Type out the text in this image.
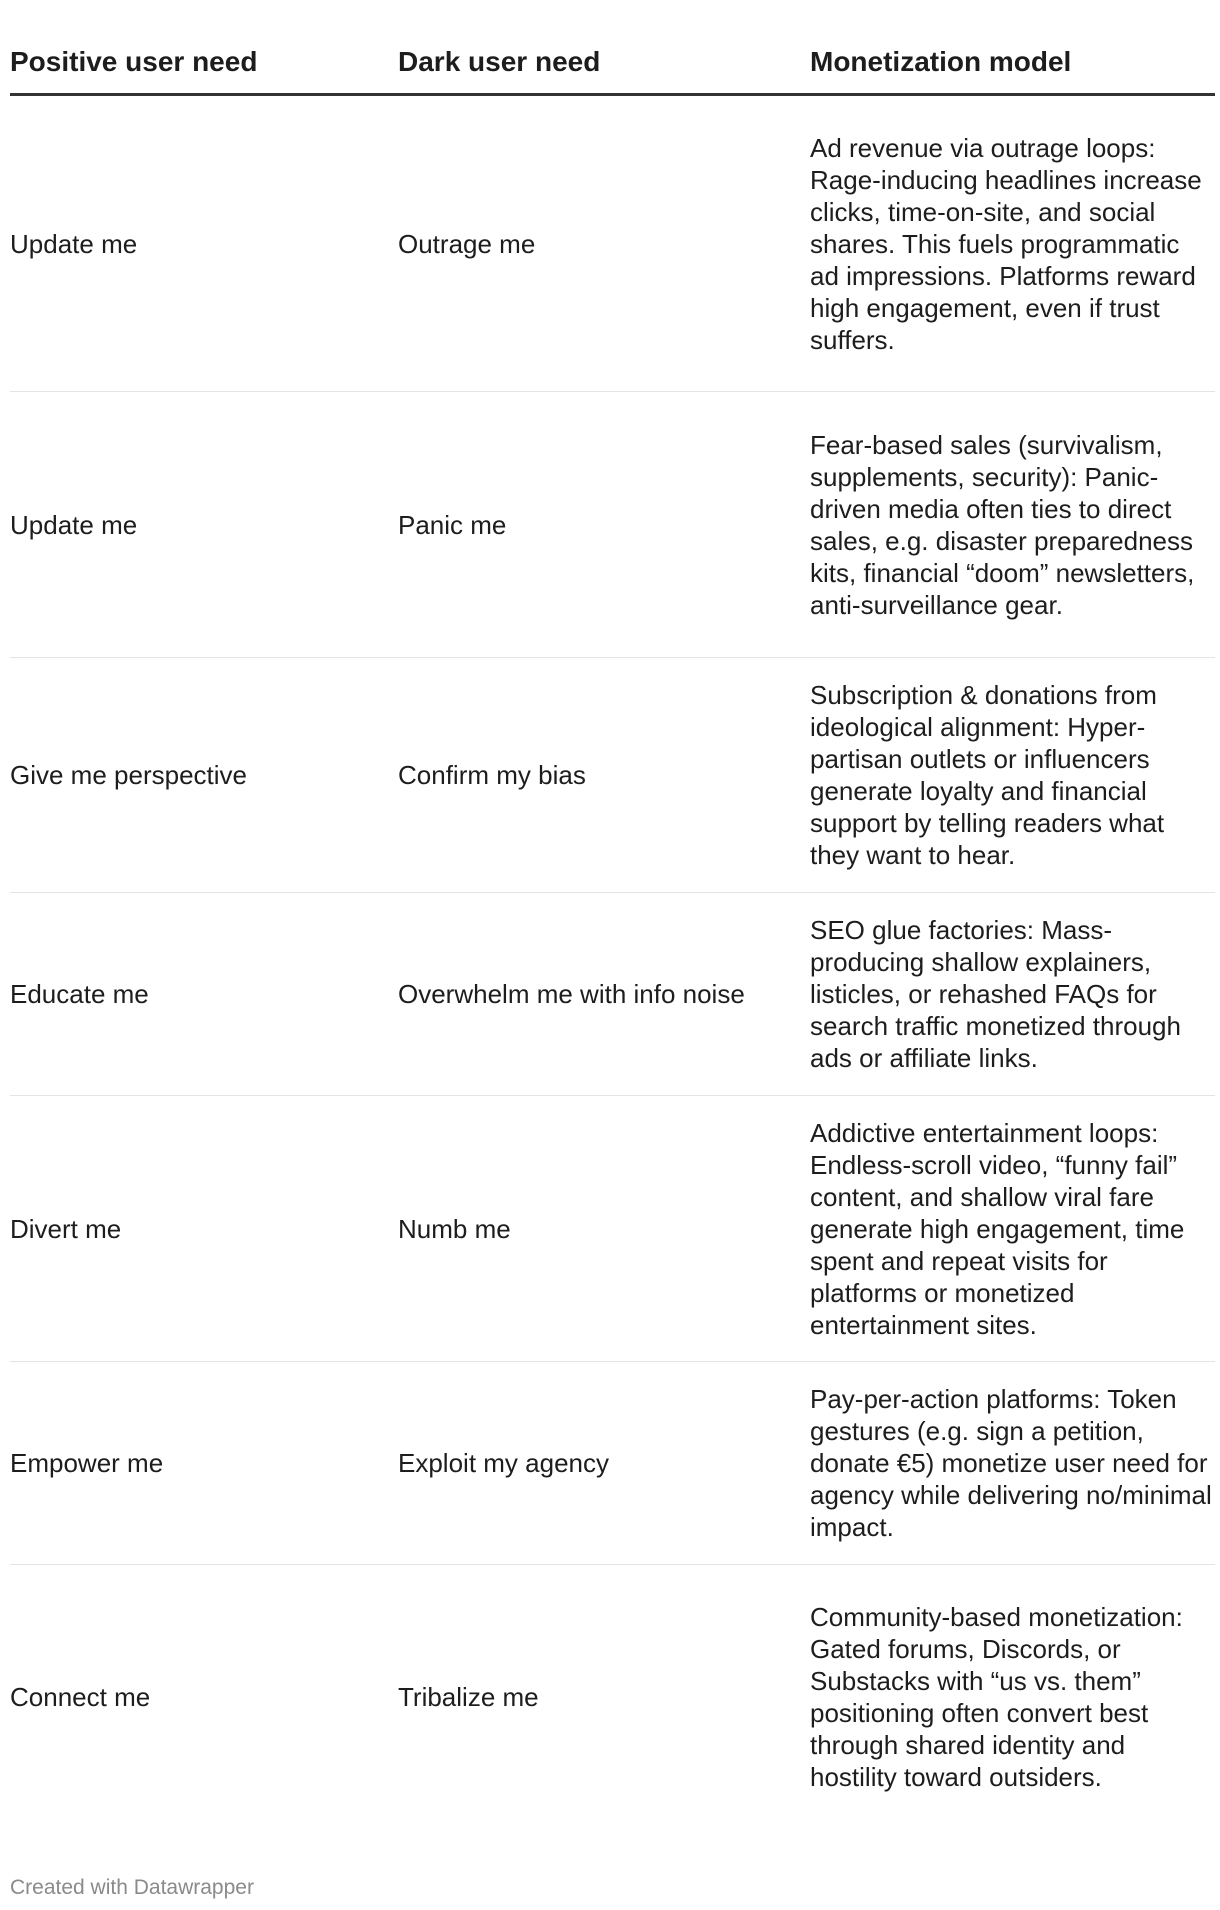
Positive user need	Dark user need	Monetization model
Update me	Outrage me	Ad revenue via outrage loops: Rage-inducing headlines increase clicks, time-on-site, and social shares. This fuels programmatic ad impressions. Platforms reward high engagement, even if trust suffers.
Update me	Panic me	Fear-based sales (survivalism, supplements, security): Panic-driven media often ties to direct sales, e.g. disaster preparedness kits, financial “doom” newsletters, anti-surveillance gear.
Give me perspective	Confirm my bias	Subscription & donations from ideological alignment: Hyper-partisan outlets or influencers generate loyalty and financial support by telling readers what they want to hear.
Educate me	Overwhelm me with info noise	SEO glue factories: Mass-producing shallow explainers, listicles, or rehashed FAQs for search traffic monetized through ads or affiliate links.
Divert me	Numb me	Addictive entertainment loops: Endless-scroll video, “funny fail” content, and shallow viral fare generate high engagement, time spent and repeat visits for platforms or monetized entertainment sites.
Empower me	Exploit my agency	Pay-per-action platforms: Token gestures (e.g. sign a petition, donate €5) monetize user need for agency while delivering no/minimal impact.
Connect me	Tribalize me	Community-based monetization: Gated forums, Discords, or Substacks with “us vs. them” positioning often convert best through shared identity and hostility toward outsiders.
Created with Datawrapper
